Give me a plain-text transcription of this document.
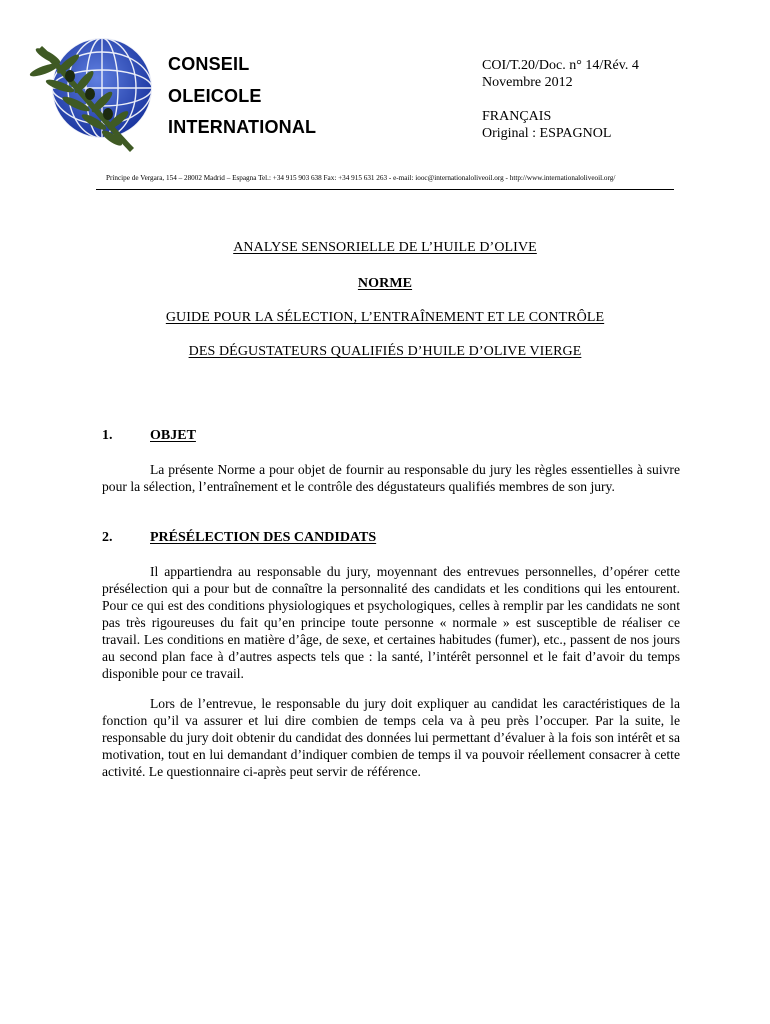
CONSEIL
OLEICOLE
INTERNATIONAL
COI/T.20/Doc. n° 14/Rév. 4
Novembre 2012
FRANÇAIS
Original : ESPAGNOL
Príncipe de Vergara, 154 – 28002 Madrid – Espagna Tel.: +34 915 903 638 Fax: +34 915 631 263 - e-mail: iooc@internationaloliveoil.org - http://www.internationaloliveoil.org/
ANALYSE SENSORIELLE DE L’HUILE D’OLIVE
NORME
GUIDE POUR LA SÉLECTION, L’ENTRAÎNEMENT ET LE CONTRÔLE
DES DÉGUSTATEURS QUALIFIÉS D’HUILE D’OLIVE VIERGE
1.	OBJET

La présente Norme a pour objet de fournir au responsable du jury les règles essentielles à suivre pour la sélection, l’entraînement et le contrôle des dégustateurs qualifiés membres de son jury.

2.	PRÉSÉLECTION DES CANDIDATS

Il appartiendra au responsable du jury, moyennant des entrevues personnelles, d’opérer cette présélection qui a pour but de connaître la personnalité des candidats et les conditions qui les entourent. Pour ce qui est des conditions physiologiques et psychologiques, celles à remplir par les candidats ne sont pas très rigoureuses du fait qu’en principe toute personne « normale » est susceptible de réaliser ce travail. Les conditions en matière d’âge, de sexe, et certaines habitudes (fumer), etc., passent de nos jours au second plan face à d’autres aspects tels que : la santé, l’intérêt personnel et le fait d’avoir du temps disponible pour ce travail.

Lors de l’entrevue, le responsable du jury doit expliquer au candidat les caractéristiques de la fonction qu’il va assurer et lui dire combien de temps cela va à peu près l’occuper. Par la suite, le responsable du jury doit obtenir du candidat des données lui permettant d’évaluer à la fois son intérêt et sa motivation, tout en lui demandant d’indiquer combien de temps il va pouvoir réellement consacrer à cette activité. Le questionnaire ci-après peut servir de référence.
